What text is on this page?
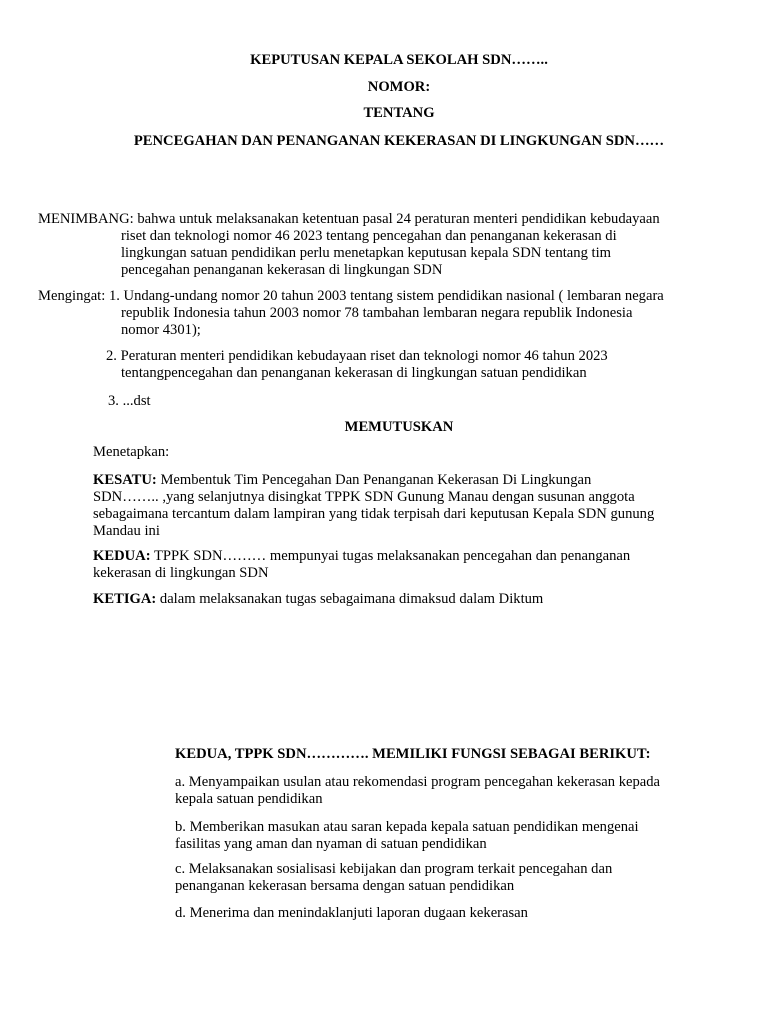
KEPUTUSAN KEPALA SEKOLAH SDN……..
NOMOR:
TENTANG
PENCEGAHAN DAN PENANGANAN KEKERASAN DI LINGKUNGAN SDN……
MENIMBANG: bahwa untuk melaksanakan ketentuan pasal 24 peraturan menteri pendidikan kebudayaan
riset dan teknologi nomor 46 2023 tentang pencegahan dan penanganan kekerasan di
lingkungan satuan pendidikan perlu menetapkan keputusan kepala SDN tentang tim
pencegahan penanganan kekerasan di lingkungan SDN
Mengingat: 1. Undang-undang nomor 20 tahun 2003 tentang sistem pendidikan nasional ( lembaran negara
republik Indonesia tahun 2003 nomor 78 tambahan lembaran negara republik Indonesia
nomor 4301);
2. Peraturan menteri pendidikan kebudayaan riset dan teknologi nomor 46 tahun 2023
tentangpencegahan dan penanganan kekerasan di lingkungan satuan pendidikan
3. ...dst
MEMUTUSKAN
Menetapkan:
KESATU: Membentuk Tim Pencegahan Dan Penanganan Kekerasan Di Lingkungan
SDN…….. ,yang selanjutnya disingkat TPPK SDN Gunung Manau dengan susunan anggota
sebagaimana tercantum dalam lampiran yang tidak terpisah dari keputusan Kepala SDN gunung
Mandau ini
KEDUA: TPPK SDN……… mempunyai tugas melaksanakan pencegahan dan penanganan
kekerasan di lingkungan SDN
KETIGA: dalam melaksanakan tugas sebagaimana dimaksud dalam Diktum
KEDUA, TPPK SDN…………. MEMILIKI FUNGSI SEBAGAI BERIKUT:
a. Menyampaikan usulan atau rekomendasi program pencegahan kekerasan kepada
kepala satuan pendidikan
b. Memberikan masukan atau saran kepada kepala satuan pendidikan mengenai
fasilitas yang aman dan nyaman di satuan pendidikan
c. Melaksanakan sosialisasi kebijakan dan program terkait pencegahan dan
penanganan kekerasan bersama dengan satuan pendidikan
d. Menerima dan menindaklanjuti laporan dugaan kekerasan
